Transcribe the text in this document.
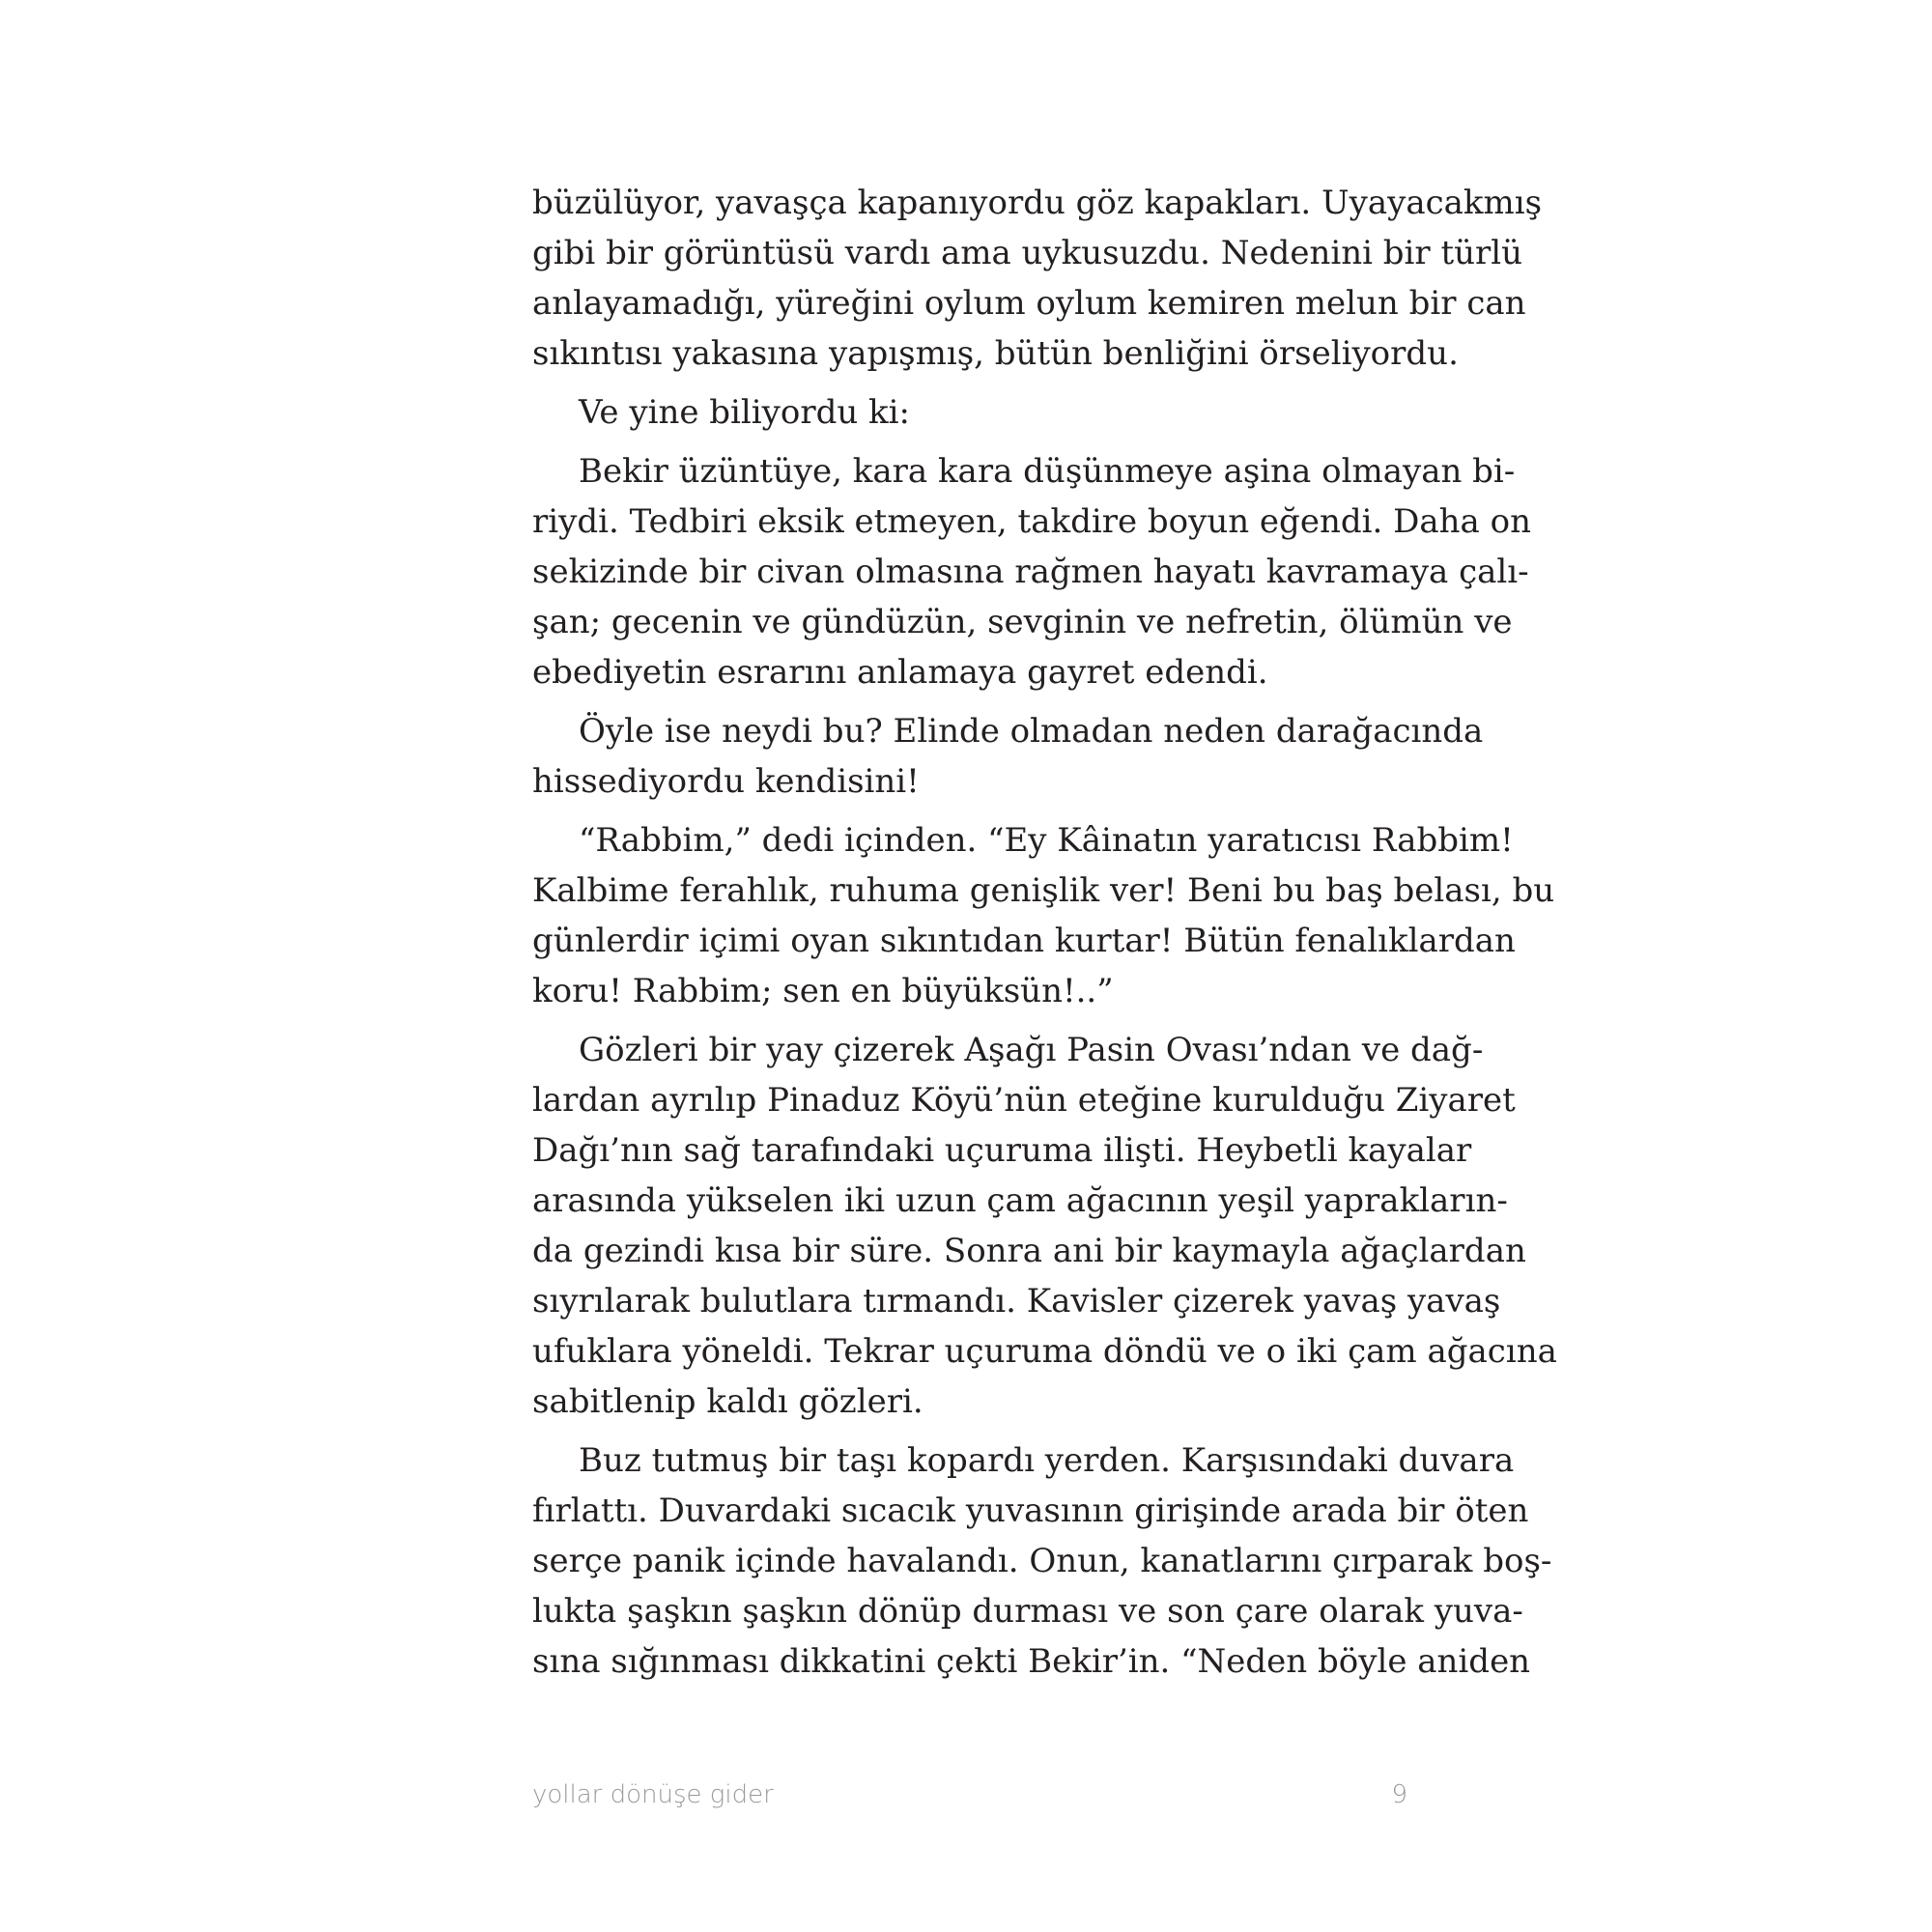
büzülüyor, yavaşça kapanıyordu göz kapakları. Uyayacakmış
gibi bir görüntüsü vardı ama uykusuzdu. Nedenini bir türlü
anlayamadığı, yüreğini oylum oylum kemiren melun bir can
sıkıntısı yakasına yapışmış, bütün benliğini örseliyordu.
Ve yine biliyordu ki:
Bekir üzüntüye, kara kara düşünmeye aşina olmayan bi-
riydi. Tedbiri eksik etmeyen, takdire boyun eğendi. Daha on
sekizinde bir civan olmasına rağmen hayatı kavramaya çalı-
şan; gecenin ve gündüzün, sevginin ve nefretin, ölümün ve
ebediyetin esrarını anlamaya gayret edendi.
Öyle ise neydi bu? Elinde olmadan neden darağacında
hissediyordu kendisini!
“Rabbim,” dedi içinden. “Ey Kâinatın yaratıcısı Rabbim!
Kalbime ferahlık, ruhuma genişlik ver! Beni bu baş belası, bu
günlerdir içimi oyan sıkıntıdan kurtar! Bütün fenalıklardan
koru! Rabbim; sen en büyüksün!..”
Gözleri bir yay çizerek Aşağı Pasin Ovası’ndan ve dağ-
lardan ayrılıp Pinaduz Köyü’nün eteğine kurulduğu Ziyaret
Dağı’nın sağ tarafındaki uçuruma ilişti. Heybetli kayalar
arasında yükselen iki uzun çam ağacının yeşil yaprakların-
da gezindi kısa bir süre. Sonra ani bir kaymayla ağaçlardan
sıyrılarak bulutlara tırmandı. Kavisler çizerek yavaş yavaş
ufuklara yöneldi. Tekrar uçuruma döndü ve o iki çam ağacına
sabitlenip kaldı gözleri.
Buz tutmuş bir taşı kopardı yerden. Karşısındaki duvara
fırlattı. Duvardaki sıcacık yuvasının girişinde arada bir öten
serçe panik içinde havalandı. Onun, kanatlarını çırparak boş-
lukta şaşkın şaşkın dönüp durması ve son çare olarak yuva-
sına sığınması dikkatini çekti Bekir’in. “Neden böyle aniden
yollar dönüşe gider	9
